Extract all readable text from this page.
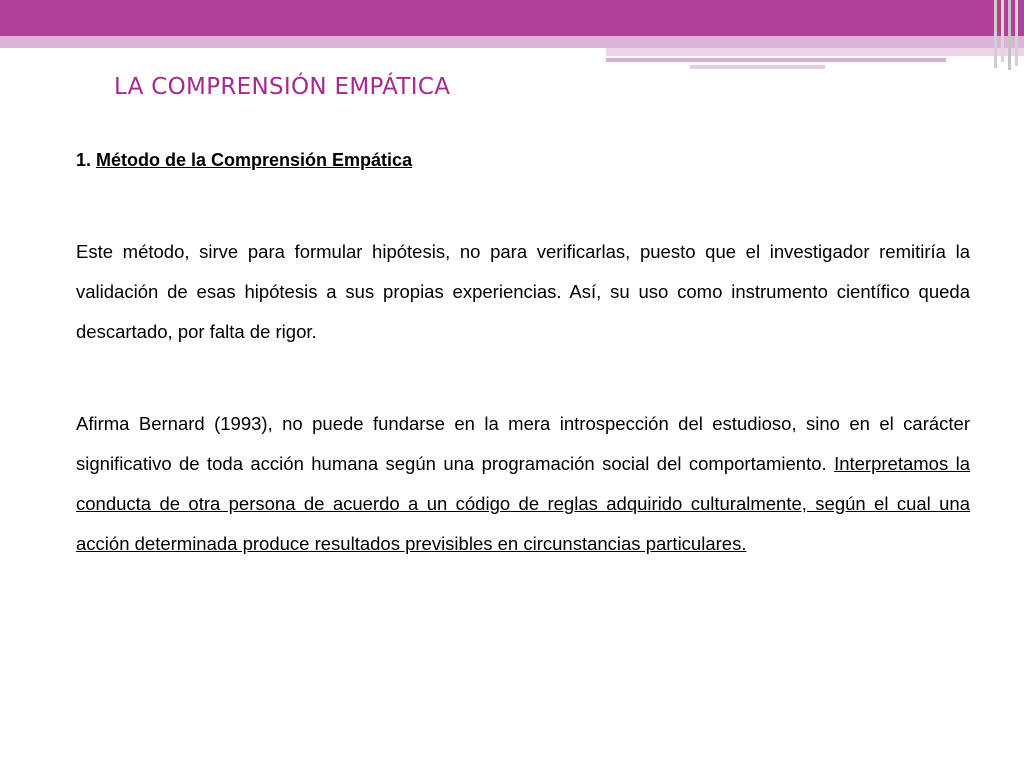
LA COMPRENSIÓN EMPÁTICA

1. Método de la Comprensión Empática

Este método, sirve para formular hipótesis, no para verificarlas, puesto que el investigador remitiría la validación de esas hipótesis a sus propias experiencias. Así, su uso como instrumento científico queda descartado, por falta de rigor.

Afirma Bernard (1993), no puede fundarse en la mera introspección del estudioso, sino en el carácter significativo de toda acción humana según una programación social del comportamiento. Interpretamos la conducta de otra persona de acuerdo a un código de reglas adquirido culturalmente, según el cual una acción determinada produce resultados previsibles en circunstancias particulares.
